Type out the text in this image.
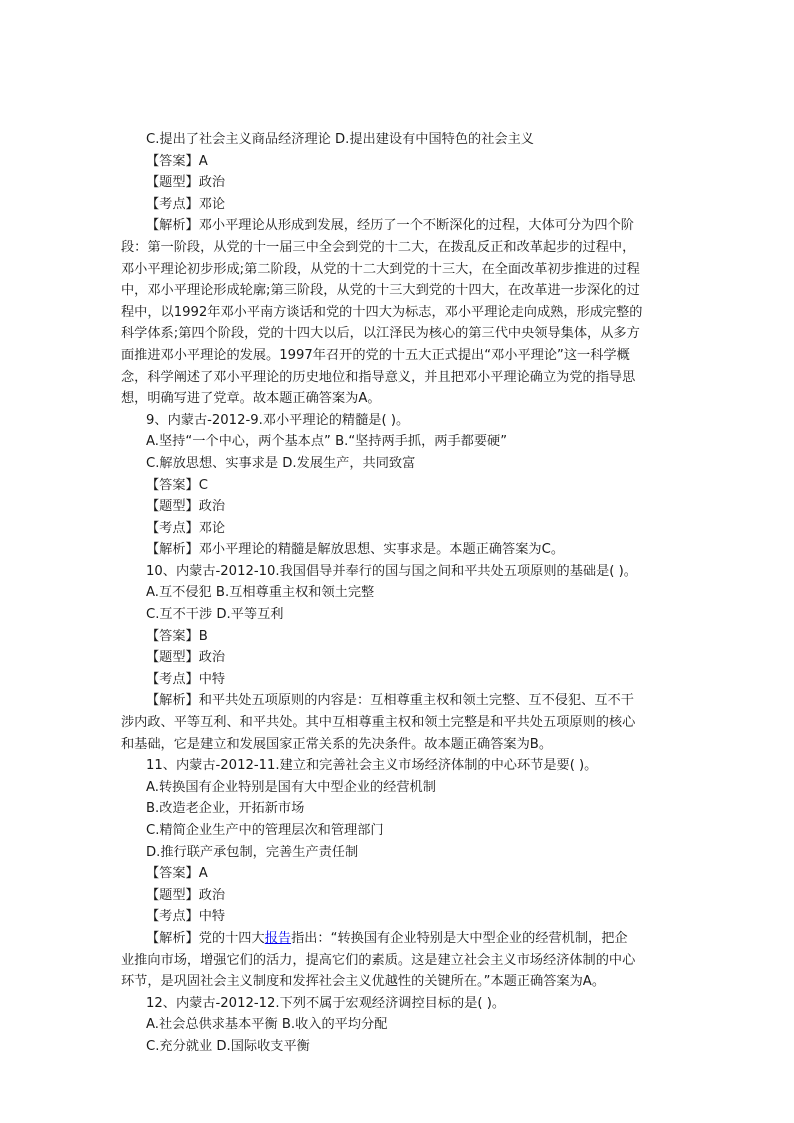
C.提出了社会主义商品经济理论 D.提出建设有中国特色的社会主义
【答案】A
【题型】政治
【考点】邓论
【解析】邓小平理论从形成到发展，经历了一个不断深化的过程，大体可分为四个阶
段：第一阶段，从党的十一届三中全会到党的十二大，在拨乱反正和改革起步的过程中，
邓小平理论初步形成;第二阶段，从党的十二大到党的十三大，在全面改革初步推进的过程
中，邓小平理论形成轮廓;第三阶段，从党的十三大到党的十四大，在改革进一步深化的过
程中，以1992年邓小平南方谈话和党的十四大为标志，邓小平理论走向成熟，形成完整的
科学体系;第四个阶段，党的十四大以后，以江泽民为核心的第三代中央领导集体，从多方
面推进邓小平理论的发展。1997年召开的党的十五大正式提出“邓小平理论”这一科学概
念，科学阐述了邓小平理论的历史地位和指导意义，并且把邓小平理论确立为党的指导思
想，明确写进了党章。故本题正确答案为A。
9、内蒙古-2012-9.邓小平理论的精髓是( )。
A.坚持“一个中心，两个基本点” B.“坚持两手抓，两手都要硬”
C.解放思想、实事求是 D.发展生产，共同致富
【答案】C
【题型】政治
【考点】邓论
【解析】邓小平理论的精髓是解放思想、实事求是。本题正确答案为C。
10、内蒙古-2012-10.我国倡导并奉行的国与国之间和平共处五项原则的基础是( )。
A.互不侵犯 B.互相尊重主权和领土完整
C.互不干涉 D.平等互利
【答案】B
【题型】政治
【考点】中特
【解析】和平共处五项原则的内容是：互相尊重主权和领土完整、互不侵犯、互不干
涉内政、平等互利、和平共处。其中互相尊重主权和领土完整是和平共处五项原则的核心
和基础，它是建立和发展国家正常关系的先决条件。故本题正确答案为B。
11、内蒙古-2012-11.建立和完善社会主义市场经济体制的中心环节是要( )。
A.转换国有企业特别是国有大中型企业的经营机制
B.改造老企业，开拓新市场
C.精简企业生产中的管理层次和管理部门
D.推行联产承包制，完善生产责任制
【答案】A
【题型】政治
【考点】中特
【解析】党的十四大报告指出：“转换国有企业特别是大中型企业的经营机制，把企
业推向市场，增强它们的活力，提高它们的素质。这是建立社会主义市场经济体制的中心
环节，是巩固社会主义制度和发挥社会主义优越性的关键所在。”本题正确答案为A。
12、内蒙古-2012-12.下列不属于宏观经济调控目标的是( )。
A.社会总供求基本平衡 B.收入的平均分配
C.充分就业 D.国际收支平衡
